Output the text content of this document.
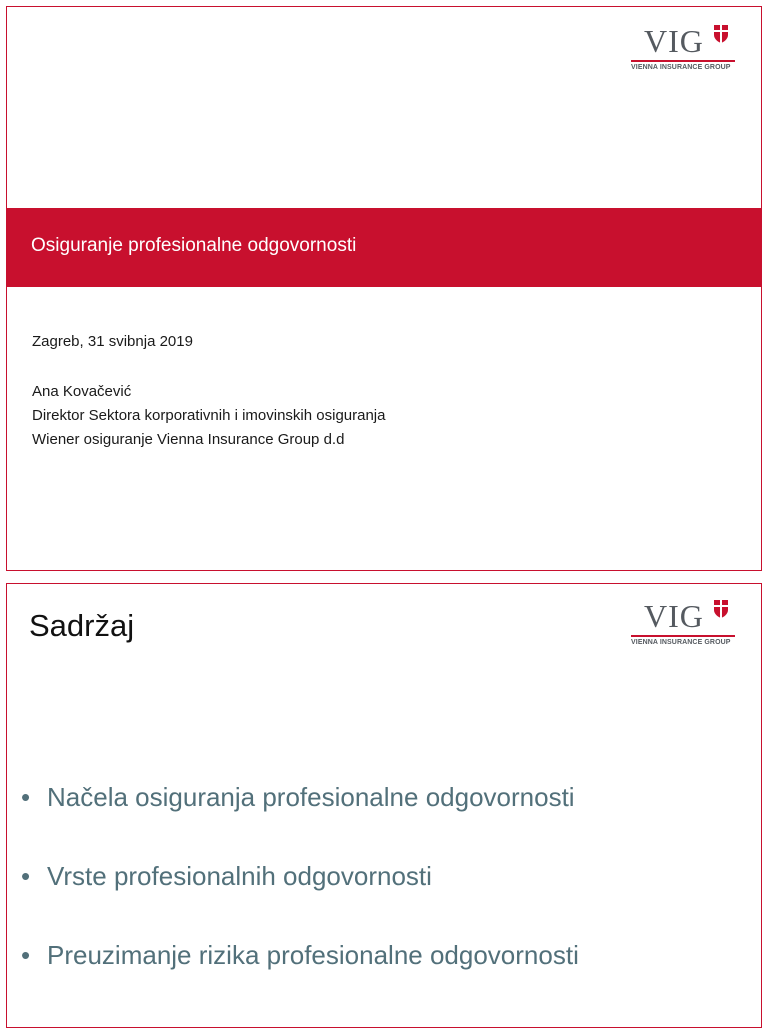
VIG
VIENNA INSURANCE GROUP
Osiguranje profesionalne odgovornosti
Zagreb, 31 svibnja 2019
Ana Kovačević
Direktor Sektora korporativnih i imovinskih osiguranja
Wiener osiguranje Vienna Insurance Group d.d
Sadržaj	VIG
VIENNA INSURANCE GROUP
• Načela osiguranja profesionalne odgovornosti
• Vrste profesionalnih odgovornosti
• Preuzimanje rizika profesionalne odgovornosti
